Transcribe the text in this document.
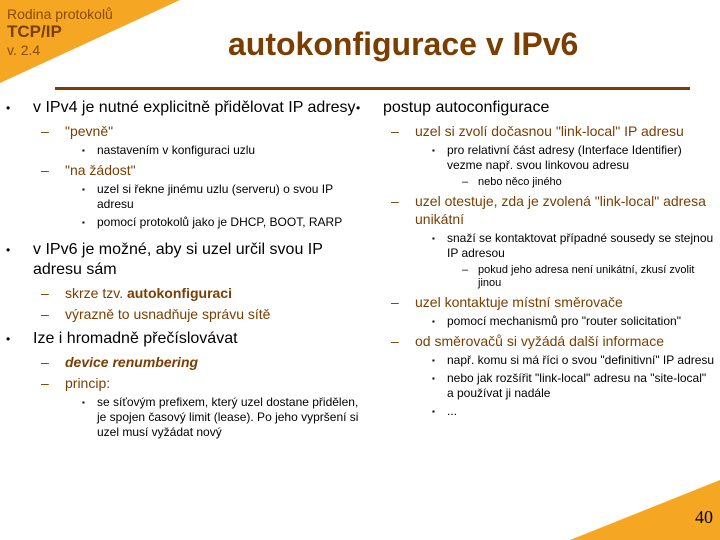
Rodina protokolů
TCP/IP
v. 2.4	autokonfigurace v IPv6
• v IPv4 je nutné explicitně přidělovat IP adresy
– "pevně"
▪ nastavením v konfiguraci uzlu
– "na žádost"
▪ uzel si řekne jinému uzlu (serveru) o svou IP adresu
▪ pomocí protokolů jako je DHCP, BOOT, RARP
• v IPv6 je možné, aby si uzel určil svou IP adresu sám
– skrze tzv. autokonfiguraci
– výrazně to usnadňuje správu sítě
• Ize i hromadně přečíslovávat
– device renumbering
– princip:
▪ se síťovým prefixem, který uzel dostane přidělen, je spojen časový limit (lease). Po jeho vypršení si uzel musí vyžádat nový
• postup autoconfigurace
– uzel si zvolí dočasnou "link-local" IP adresu
▪ pro relativní část adresy (Interface Identifier) vezme např. svou linkovou adresu
– nebo něco jiného
– uzel otestuje, zda je zvolená "link-local" adresa unikátní
▪ snaží se kontaktovat případné sousedy se stejnou IP adresou
– pokud jeho adresa není unikátní, zkusí zvolit jinou
– uzel kontaktuje místní směrovače
▪ pomocí mechanismů pro "router solicitation"
– od směrovačů si vyžádá další informace
▪ např. komu si má říci o svou "definitivní" IP adresu
▪ nebo jak rozšířit "link-local" adresu na "site-local" a používat ji nadále
▪ ...
40
